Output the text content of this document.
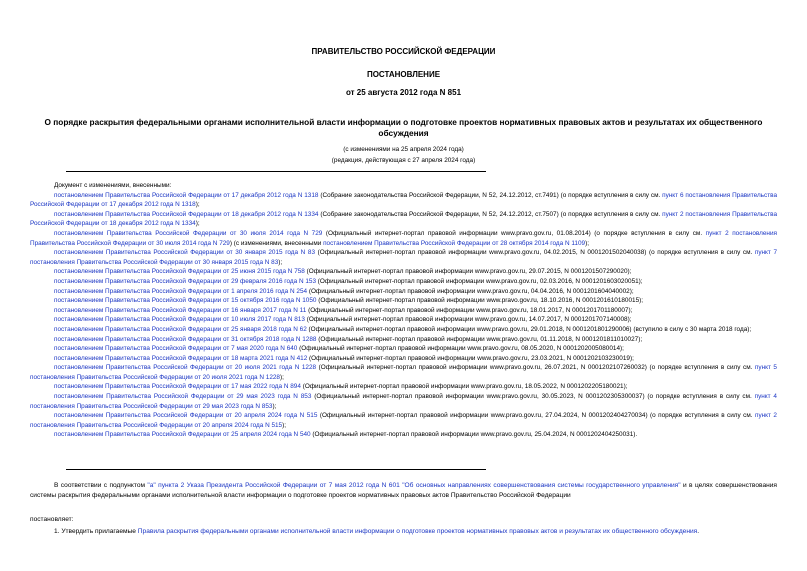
ПРАВИТЕЛЬСТВО РОССИЙСКОЙ ФЕДЕРАЦИИ
ПОСТАНОВЛЕНИЕ
от 25 августа 2012 года N 851
О порядке раскрытия федеральными органами исполнительной власти информации о подготовке проектов нормативных правовых актов и результатах их общественного обсуждения
(с изменениями на 25 апреля 2024 года)
(редакция, действующая с 27 апреля 2024 года)

Документ с изменениями, внесенными:

постановлением Правительства Российской Федерации от 17 декабря 2012 года N 1318 (Собрание законодательства Российской Федерации, N 52, 24.12.2012, ст.7491) (о порядке вступления в силу см. пункт 6 постановления Правительства Российской Федерации от 17 декабря 2012 года N 1318);

постановлением Правительства Российской Федерации от 18 декабря 2012 года N 1334 (Собрание законодательства Российской Федерации, N 52, 24.12.2012, ст.7507) (о порядке вступления в силу см. пункт 2 постановления Правительства Российской Федерации от 18 декабря 2012 года N 1334);

постановлением Правительства Российской Федерации от 30 июля 2014 года N 729 (Официальный интернет-портал правовой информации www.pravo.gov.ru, 01.08.2014) (о порядке вступления в силу см. пункт 2 постановления Правительства Российской Федерации от 30 июля 2014 года N 729) (с изменениями, внесенными постановлением Правительства Российской Федерации от 28 октября 2014 года N 1109);

постановлением Правительства Российской Федерации от 30 января 2015 года N 83 (Официальный интернет-портал правовой информации www.pravo.gov.ru, 04.02.2015, N 0001201502040038) (о порядке вступления в силу см. пункт 7 постановления Правительства Российской Федерации от 30 января 2015 года N 83);

постановлением Правительства Российской Федерации от 25 июня 2015 года N 758 (Официальный интернет-портал правовой информации www.pravo.gov.ru, 29.07.2015, N 0001201507290020);

постановлением Правительства Российской Федерации от 29 февраля 2016 года N 153 (Официальный интернет-портал правовой информации www.pravo.gov.ru, 02.03.2016, N 0001201603020051);

постановлением Правительства Российской Федерации от 1 апреля 2016 года N 254 (Официальный интернет-портал правовой информации www.pravo.gov.ru, 04.04.2016, N 0001201604040002);

постановлением Правительства Российской Федерации от 15 октября 2016 года N 1050 (Официальный интернет-портал правовой информации www.pravo.gov.ru, 18.10.2016, N 0001201610180015);

постановлением Правительства Российской Федерации от 16 января 2017 года N 11 (Официальный интернет-портал правовой информации www.pravo.gov.ru, 18.01.2017, N 0001201701180007);

постановлением Правительства Российской Федерации от 10 июля 2017 года N 813 (Официальный интернет-портал правовой информации www.pravo.gov.ru, 14.07.2017, N 0001201707140008);

постановлением Правительства Российской Федерации от 25 января 2018 года N 62 (Официальный интернет-портал правовой информации www.pravo.gov.ru, 29.01.2018, N 0001201801290006) (вступило в силу с 30 марта 2018 года);

постановлением Правительства Российской Федерации от 31 октября 2018 года N 1288 (Официальный интернет-портал правовой информации www.pravo.gov.ru, 01.11.2018, N 0001201811010027);

постановлением Правительства Российской Федерации от 7 мая 2020 года N 640 (Официальный интернет-портал правовой информации www.pravo.gov.ru, 08.05.2020, N 0001202005080014);

постановлением Правительства Российской Федерации от 18 марта 2021 года N 412 (Официальный интернет-портал правовой информации www.pravo.gov.ru, 23.03.2021, N 0001202103230019);

постановлением Правительства Российской Федерации от 20 июля 2021 года N 1228 (Официальный интернет-портал правовой информации www.pravo.gov.ru, 26.07.2021, N 0001202107260032) (о порядке вступления в силу см. пункт 5 постановления Правительства Российской Федерации от 20 июля 2021 года N 1228);

постановлением Правительства Российской Федерации от 17 мая 2022 года N 894 (Официальный интернет-портал правовой информации www.pravo.gov.ru, 18.05.2022, N 0001202205180021);

постановлением Правительства Российской Федерации от 29 мая 2023 года N 853 (Официальный интернет-портал правовой информации www.pravo.gov.ru, 30.05.2023, N 0001202305300037) (о порядке вступления в силу см. пункт 4 постановления Правительства Российской Федерации от 29 мая 2023 года N 853);

постановлением Правительства Российской Федерации от 20 апреля 2024 года N 515 (Официальный интернет-портал правовой информации www.pravo.gov.ru, 27.04.2024, N 0001202404270034) (о порядке вступления в силу см. пункт 2 постановления Правительства Российской Федерации от 20 апреля 2024 года N 515);

постановлением Правительства Российской Федерации от 25 апреля 2024 года N 540 (Официальный интернет-портал правовой информации www.pravo.gov.ru, 25.04.2024, N 0001202404250031).

В соответствии с подпунктом "а" пункта 2 Указа Президента Российской Федерации от 7 мая 2012 года N 601 "Об основных направлениях совершенствования системы государственного управления" и в целях совершенствования системы раскрытия федеральными органами исполнительной власти информации о подготовке проектов нормативных правовых актов Правительство Российской Федерации

постановляет:

1. Утвердить прилагаемые Правила раскрытия федеральными органами исполнительной власти информации о подготовке проектов нормативных правовых актов и результатах их общественного обсуждения.
